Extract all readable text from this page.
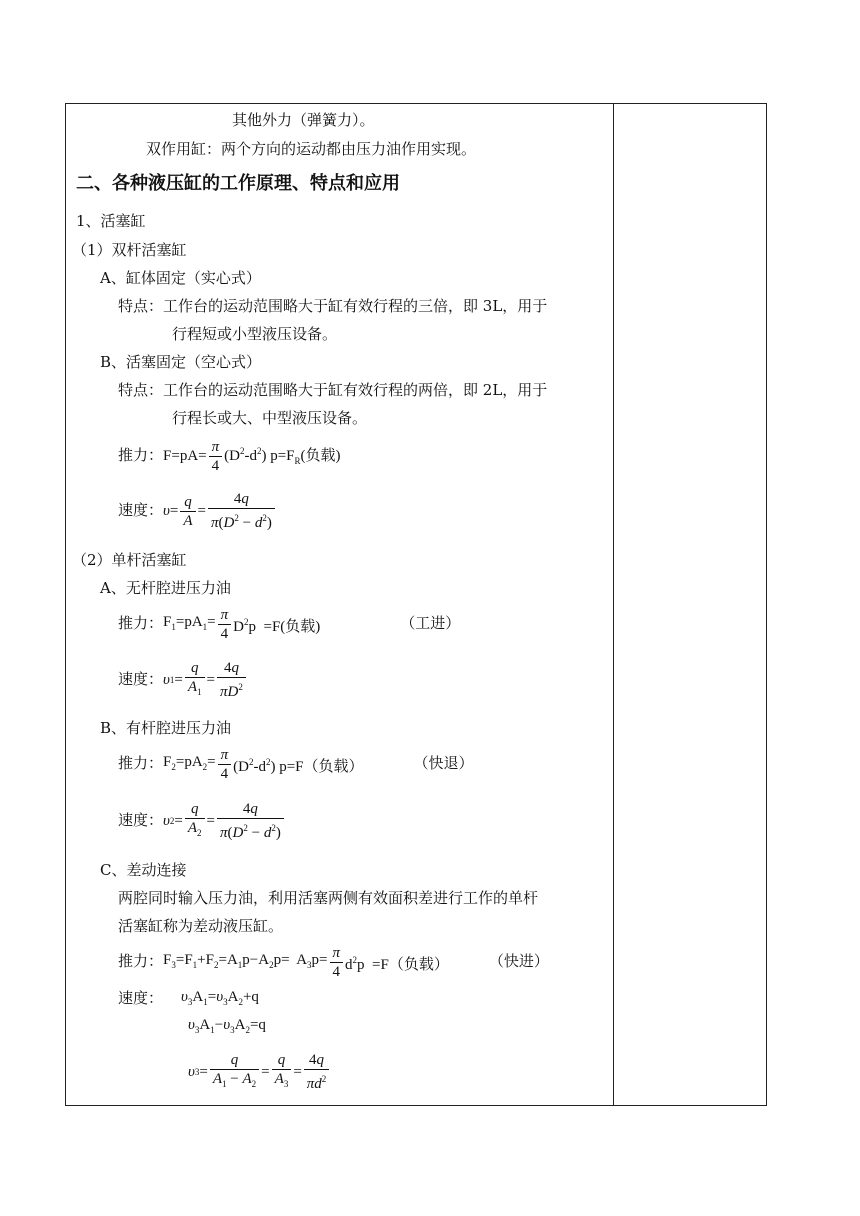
其他外力（弹簧力）。
双作用缸：两个方向的运动都由压力油作用实现。
二、各种液压缸的工作原理、特点和应用
1、活塞缸
（1）双杆活塞缸
A、缸体固定（实心式）
特点：工作台的运动范围略大于缸有效行程的三倍，即 3L，用于
行程短或小型液压设备。
B、活塞固定（空心式）
特点：工作台的运动范围略大于缸有效行程的两倍，即 2L，用于
行程长或大、中型液压设备。
推力： $F=pA= \frac{\pi}{4} (D^2-d^2)$ $p=F_R$(负载)
速度： $\upsilon = \frac{q}{A} = \frac{4q}{\pi(D^2 - d^2)}$
（2）单杆活塞缸
A、无杆腔进压力油
推力： $F_1=pA_1= \frac{\pi}{4} D^2p =F$(负载)	（工进）
速度： υ $1 = \frac{q}{A_1} = \frac{4q}{\pi D^2}$
B、有杆腔进压力油
推力： $F_2=pA_2= \frac{\pi}{4} (D^2-d^2)$ p=F（负载）	（快退）
速度： υ $2 = \frac{q}{A_2} = \frac{4q}{\pi(D^2 - d^2)}$
C、差动连接
两腔同时输入压力油，利用活塞两侧有效面积差进行工作的单杆
活塞缸称为差动液压缸。
推力： $F_3=F_1+F_2=A_1p-A_2p= A_3p= \frac{\pi}{4} d^2p =F$（负载）	（快进）
速度： $\upsilon_3A_1=\upsilon_3A_2+q$
$\upsilon_3A_1-\upsilon_3A_2=q$
υ $3 = \frac{q}{A_1 - A_2} = \frac{q}{A_3} = \frac{4q}{\pi d^2}$
